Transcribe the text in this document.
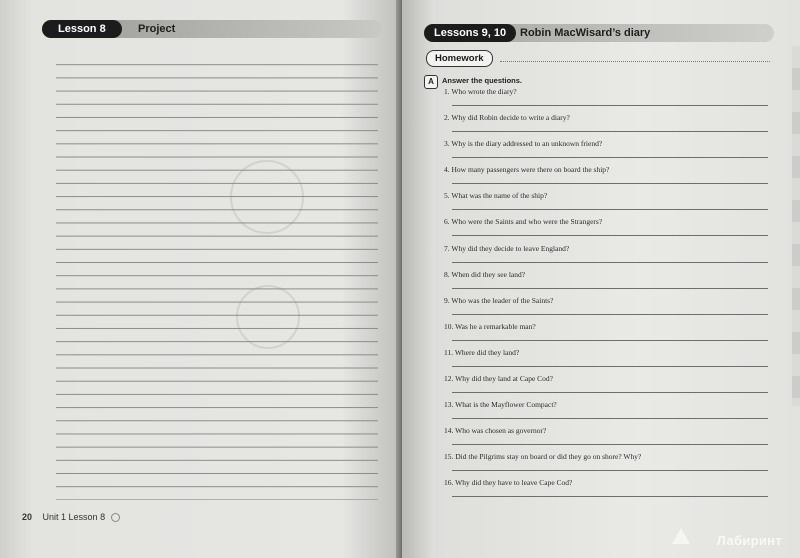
Lesson 8	Project
20 Unit 1 Lesson 8
Lessons 9, 10	Robin MacWisard’s diary
Homework
A	Answer the questions.
1. Who wrote the diary?
2. Why did Robin decide to write a diary?
3. Why is the diary addressed to an unknown friend?
4. How many passengers were there on board the ship?
5. What was the name of the ship?
6. Who were the Saints and who were the Strangers?
7. Why did they decide to leave England?
8. When did they see land?
9. Who was the leader of the Saints?
10. Was he a remarkable man?
11. Where did they land?
12. Why did they land at Cape Cod?
13. What is the Mayflower Compact?
14. Who was chosen as governor?
15. Did the Pilgrims stay on board or did they go on shore? Why?
16. Why did they have to leave Cape Cod?
Лабиринт
